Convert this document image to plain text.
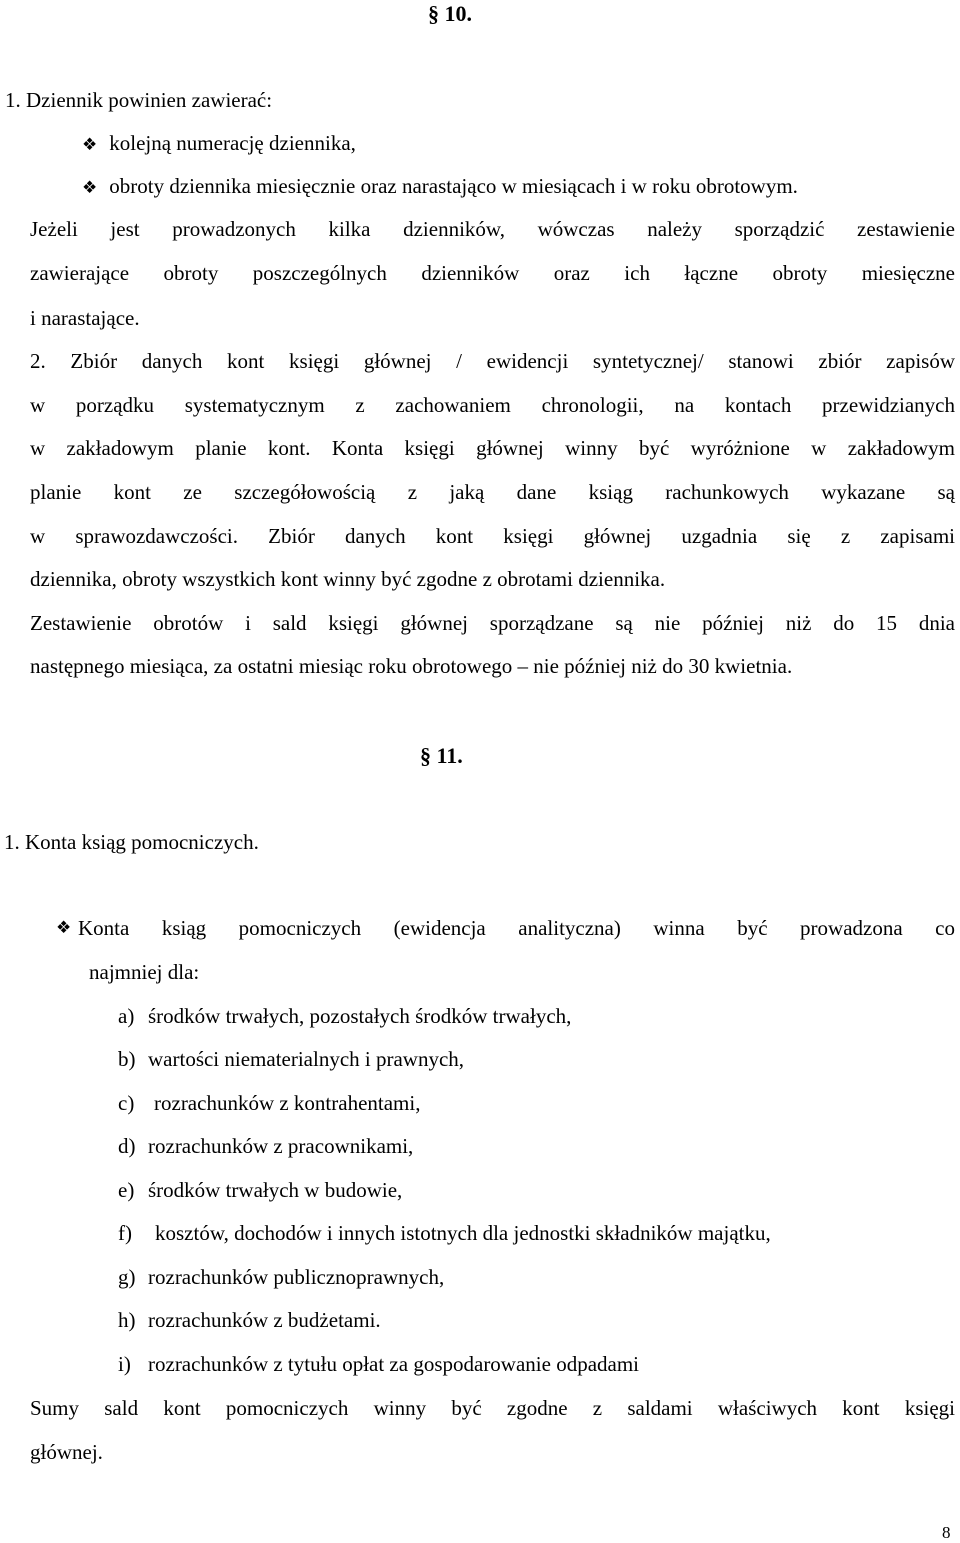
§ 10.
1. Dziennik powinien zawierać:
❖ kolejną numerację dziennika,
❖ obroty dziennika miesięcznie oraz narastająco w miesiącach i w roku obrotowym.
Jeżeli jest prowadzonych kilka dzienników, wówczas należy sporządzić zestawienie
zawierające obroty poszczególnych dzienników oraz ich łączne obroty miesięczne
i narastające.
2. Zbiór danych kont księgi głównej / ewidencji syntetycznej/ stanowi zbiór zapisów
w porządku systematycznym z zachowaniem chronologii, na kontach przewidzianych
w zakładowym planie kont. Konta księgi głównej winny być wyróżnione w zakładowym
planie kont ze szczegółowością z jaką dane ksiąg rachunkowych wykazane są
w sprawozdawczości. Zbiór danych kont księgi głównej uzgadnia się z zapisami
dziennika, obroty wszystkich kont winny być zgodne z obrotami dziennika.
Zestawienie obrotów i sald księgi głównej sporządzane są nie później niż do 15 dnia
następnego miesiąca, za ostatni miesiąc roku obrotowego – nie później niż do 30 kwietnia.
§ 11.
1. Konta ksiąg pomocniczych.
❖ Konta ksiąg pomocniczych (ewidencja analityczna) winna być prowadzona co
najmniej dla:
a) środków trwałych, pozostałych środków trwałych,
b) wartości niematerialnych i prawnych,
c) rozrachunków z kontrahentami,
d) rozrachunków z pracownikami,
e) środków trwałych w budowie,
f) kosztów, dochodów i innych istotnych dla jednostki składników majątku,
g) rozrachunków publicznoprawnych,
h) rozrachunków z budżetami.
i) rozrachunków z tytułu opłat za gospodarowanie odpadami
Sumy sald kont pomocniczych winny być zgodne z saldami właściwych kont księgi
głównej.
8
